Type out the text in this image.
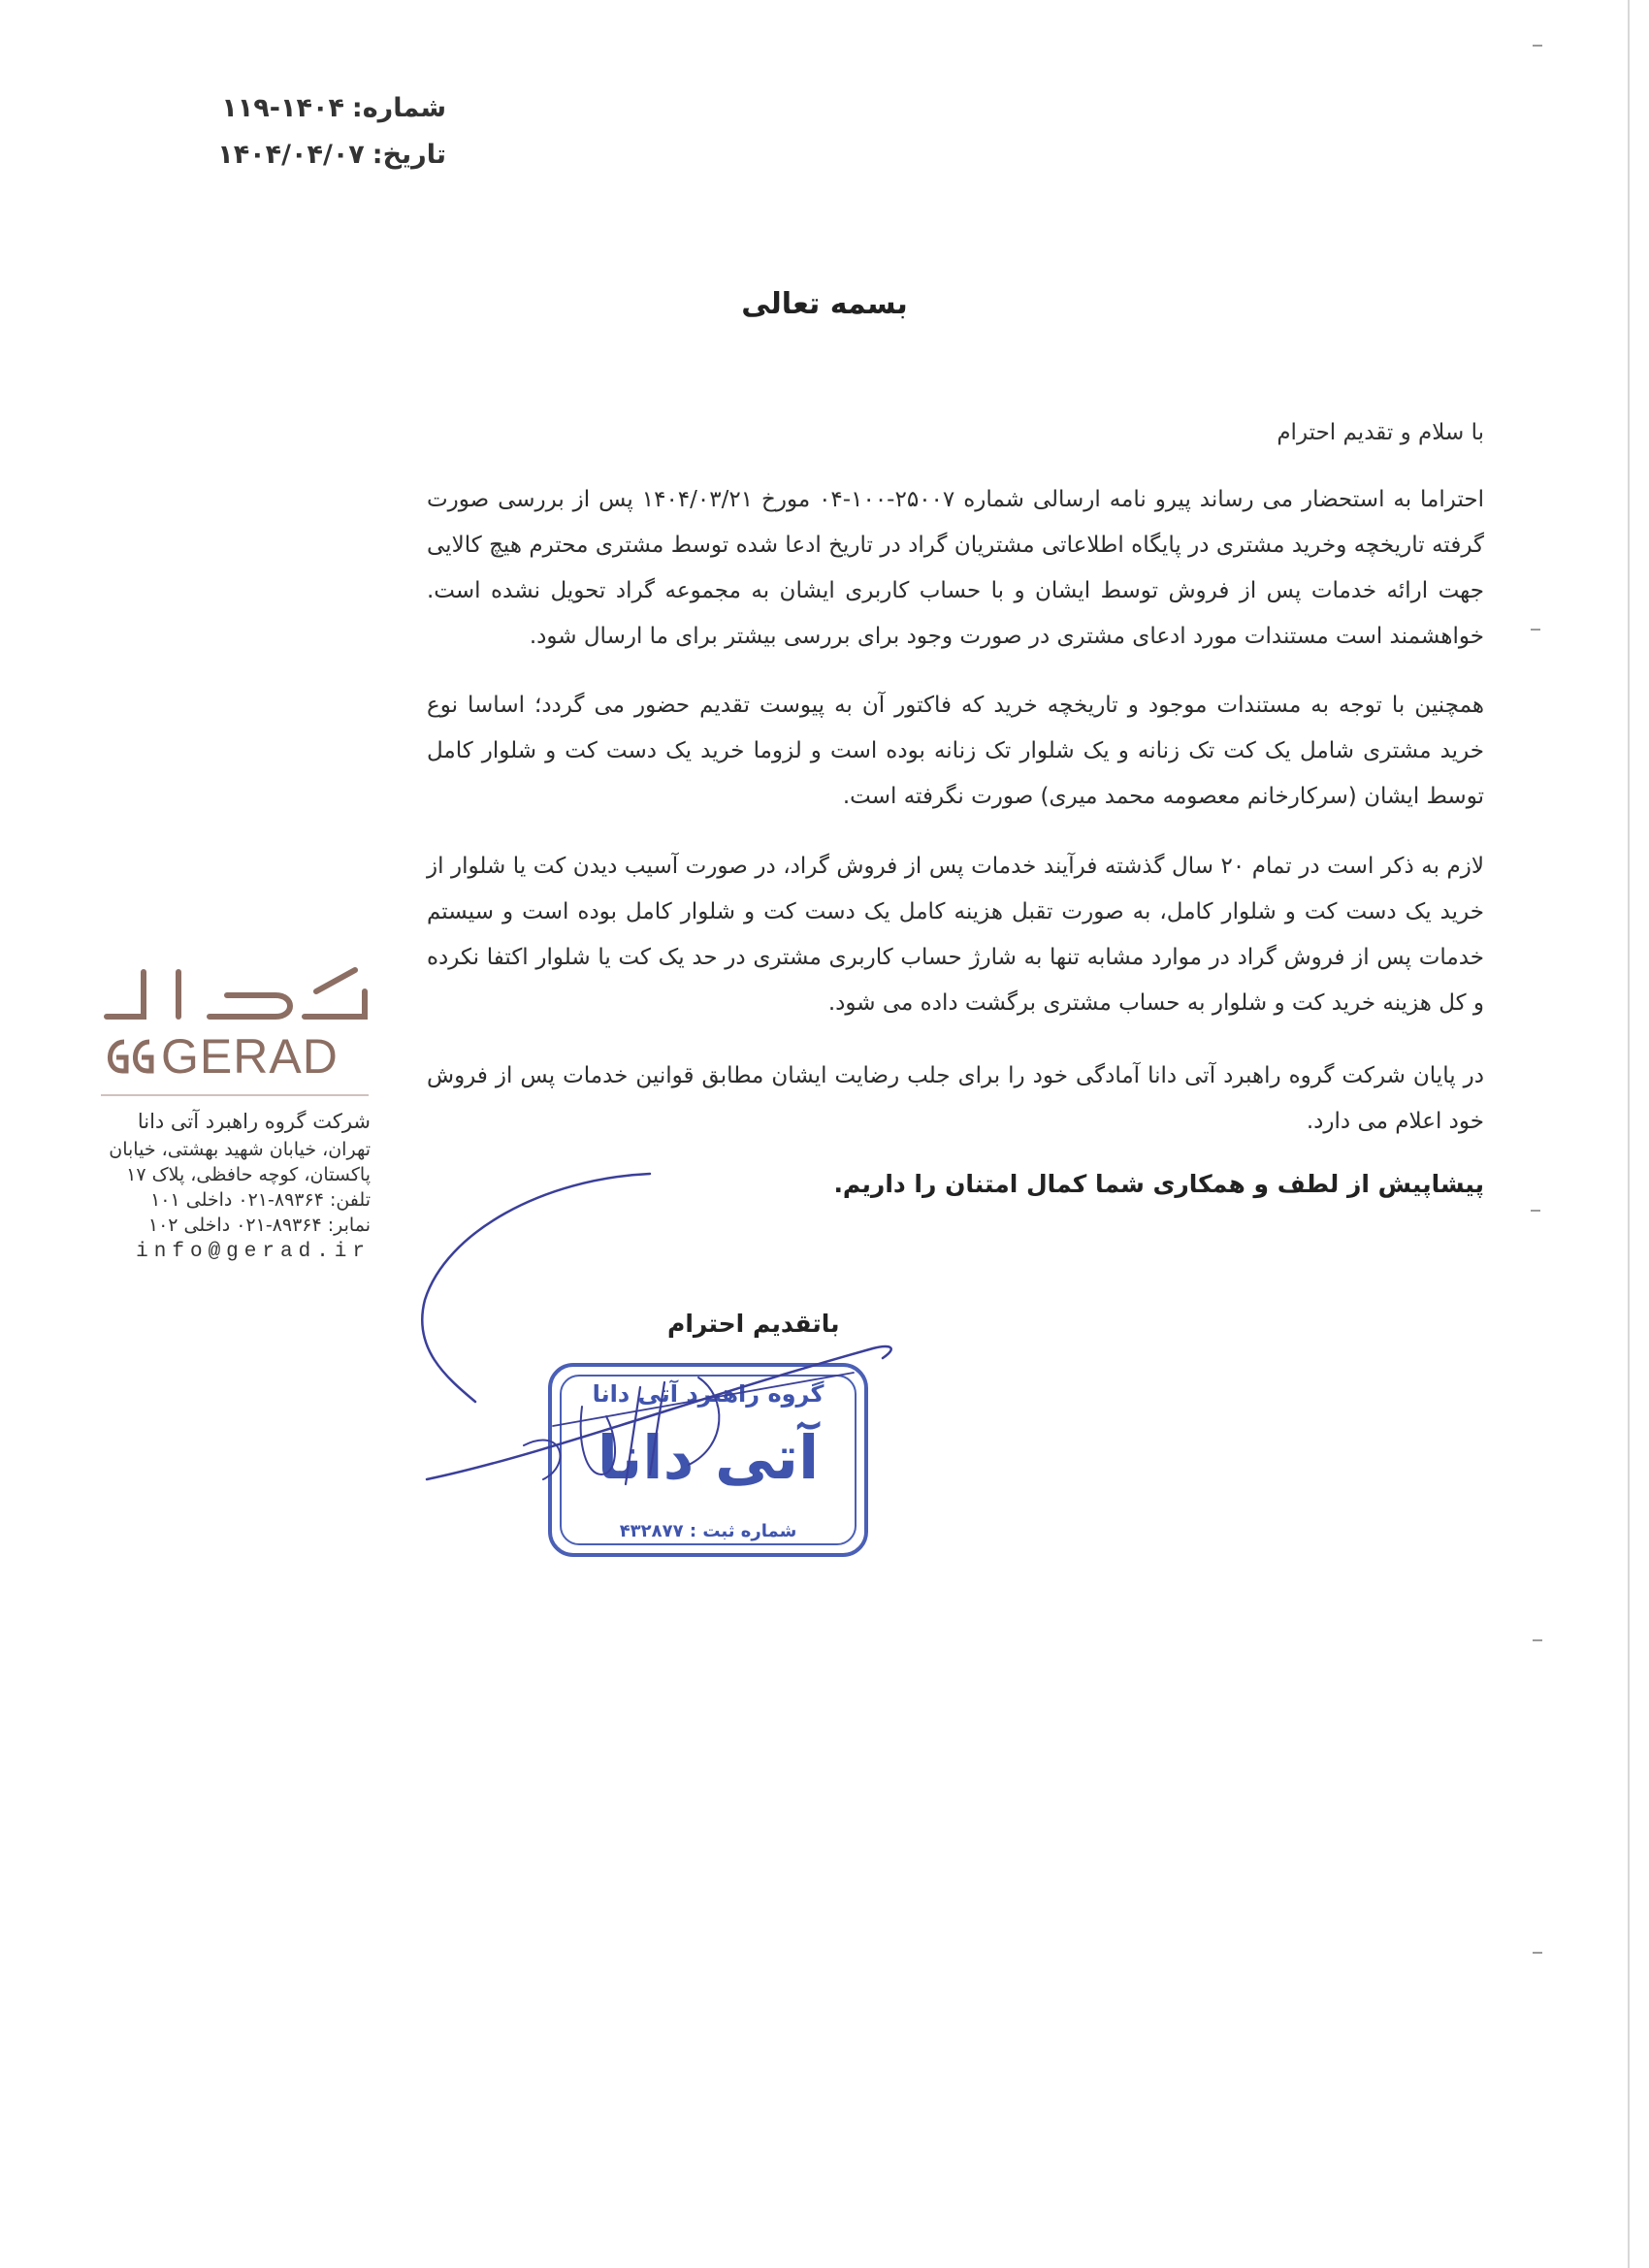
شماره:۱۴۰۴-۱۱۹
تاریخ:۱۴۰۴/۰۴/۰۷
بسمه تعالی
با سلام و تقدیم احترام
احتراما به استحضار می رساند پیرو نامه ارسالی شماره ۲۵۰۰۷-۱۰۰-۰۴ مورخ ۱۴۰۴/۰۳/۲۱ پس از بررسی صورت گرفته تاریخچه وخرید مشتری در پایگاه اطلاعاتی مشتریان گراد در تاریخ ادعا شده توسط مشتری محترم هیچ کالایی جهت ارائه خدمات پس از فروش توسط ایشان و با حساب کاربری ایشان به مجموعه گراد تحویل نشده است. خواهشمند است مستندات مورد ادعای مشتری در صورت وجود برای بررسی بیشتر برای ما ارسال شود.
همچنین با توجه به مستندات موجود و تاریخچه خرید که فاکتور آن به پیوست تقدیم حضور می گردد؛ اساسا نوع خرید مشتری شامل یک کت تک زنانه و یک شلوار تک زنانه بوده است و لزوما خرید یک دست کت و شلوار کامل توسط ایشان (سرکارخانم معصومه محمد میری) صورت نگرفته است.
لازم به ذکر است در تمام ۲۰ سال گذشته فرآیند خدمات پس از فروش گراد، در صورت آسیب دیدن کت یا شلوار از خرید یک دست کت و شلوار کامل، به صورت تقبل هزینه کامل یک دست کت و شلوار کامل بوده است و سیستم خدمات پس از فروش گراد در موارد مشابه تنها به شارژ حساب کاربری مشتری در حد یک کت یا شلوار اکتفا نکرده و کل هزینه خرید کت و شلوار به حساب مشتری برگشت داده می شود.
در پایان شرکت گروه راهبرد آتی دانا آمادگی خود را برای جلب رضایت ایشان مطابق قوانین خدمات پس از فروش خود اعلام می دارد.
پیشاپیش از لطف و همکاری شما کمال امتنان را داریم.
باتقدیم احترام
گروه راهبرد آتی دانا
آتی دانا
شماره ثبت : ۴۳۲۸۷۷
GERAD
شرکت گروه راهبرد آتی دانا
تهران، خیابان شهید بهشتی، خیابان
پاکستان، کوچه حافظی، پلاک ۱۷
تلفن: ۸۹۳۶۴-۰۲۱ داخلی ۱۰۱
نمابر: ۸۹۳۶۴-۰۲۱ داخلی ۱۰۲
info@gerad.ir
